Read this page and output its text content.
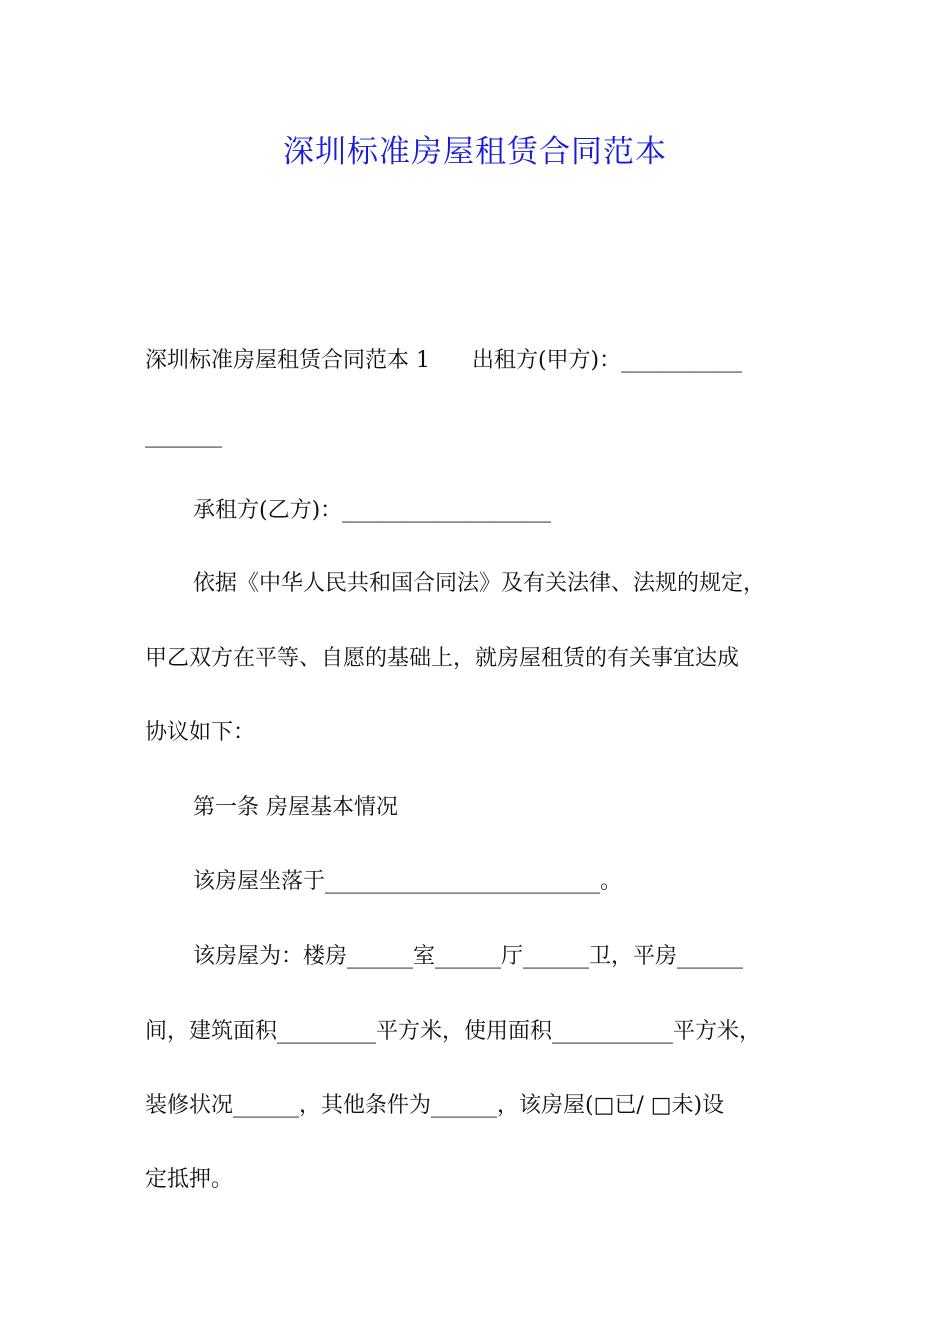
深圳标准房屋租赁合同范本
深圳标准房屋租赁合同范本 1      出租方(甲方)：___________
_______
承租方(乙方)：___________________
依据《中华人民共和国合同法》及有关法律、法规的规定，
甲乙双方在平等、自愿的基础上，就房屋租赁的有关事宜达成
协议如下：
第一条 房屋基本情况
该房屋坐落于_________________________。
该房屋为：楼房______室______厅______卫，平房______
间，建筑面积_________平方米，使用面积___________平方米，
装修状况______，其他条件为______，该房屋(□已/ □未)设
定抵押。
